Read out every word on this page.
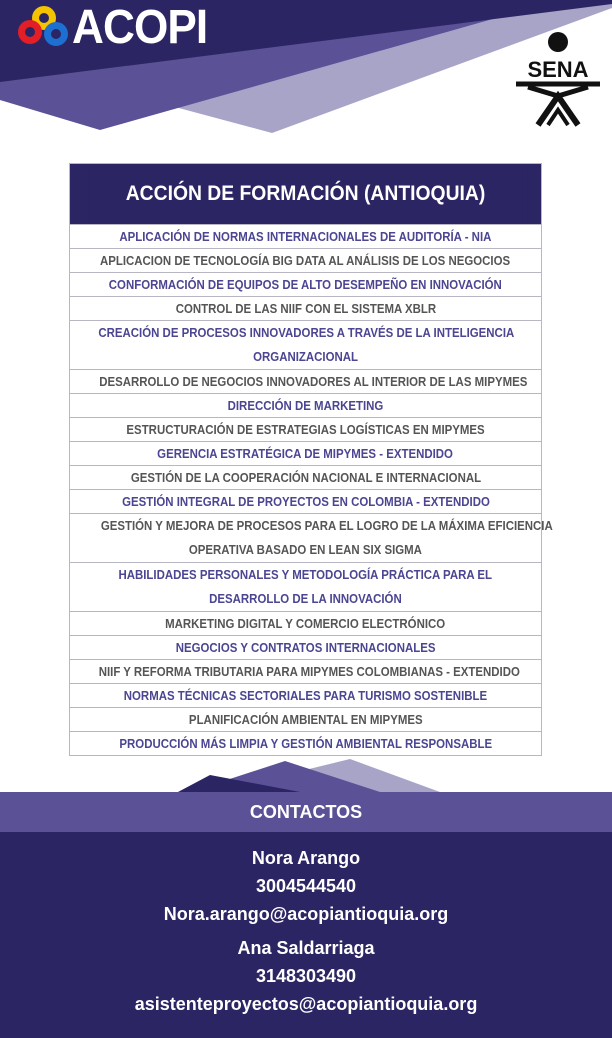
ACOPI
SENA
ACCIÓN DE FORMACIÓN (ANTIOQUIA)
APLICACIÓN DE NORMAS INTERNACIONALES DE AUDITORÍA - NIA
APLICACION DE TECNOLOGÍA BIG DATA AL ANÁLISIS DE LOS NEGOCIOS
CONFORMACIÓN DE EQUIPOS DE ALTO DESEMPEÑO EN INNOVACIÓN
CONTROL DE LAS NIIF CON EL SISTEMA XBLR
CREACIÓN DE PROCESOS INNOVADORES A TRAVÉS DE LA INTELIGENCIA
ORGANIZACIONAL
DESARROLLO DE NEGOCIOS INNOVADORES AL INTERIOR DE LAS MIPYMES
DIRECCIÓN DE MARKETING
ESTRUCTURACIÓN DE ESTRATEGIAS LOGÍSTICAS EN MIPYMES
GERENCIA ESTRATÉGICA DE MIPYMES - EXTENDIDO
GESTIÓN DE LA COOPERACIÓN NACIONAL E INTERNACIONAL
GESTIÓN INTEGRAL DE PROYECTOS EN COLOMBIA - EXTENDIDO
GESTIÓN Y MEJORA DE PROCESOS PARA EL LOGRO DE LA MÁXIMA EFICIENCIA
OPERATIVA BASADO EN LEAN SIX SIGMA
HABILIDADES PERSONALES Y METODOLOGÍA PRÁCTICA PARA EL
DESARROLLO DE LA INNOVACIÓN
MARKETING DIGITAL Y COMERCIO ELECTRÓNICO
NEGOCIOS Y CONTRATOS INTERNACIONALES
NIIF Y REFORMA TRIBUTARIA PARA MIPYMES COLOMBIANAS - EXTENDIDO
NORMAS TÉCNICAS SECTORIALES PARA TURISMO SOSTENIBLE
PLANIFICACIÓN AMBIENTAL EN MIPYMES
PRODUCCIÓN MÁS LIMPIA Y GESTIÓN AMBIENTAL RESPONSABLE
CONTACTOS
Nora Arango
3004544540
Nora.arango@acopiantioquia.org
Ana Saldarriaga
3148303490
asistenteproyectos@acopiantioquia.org
